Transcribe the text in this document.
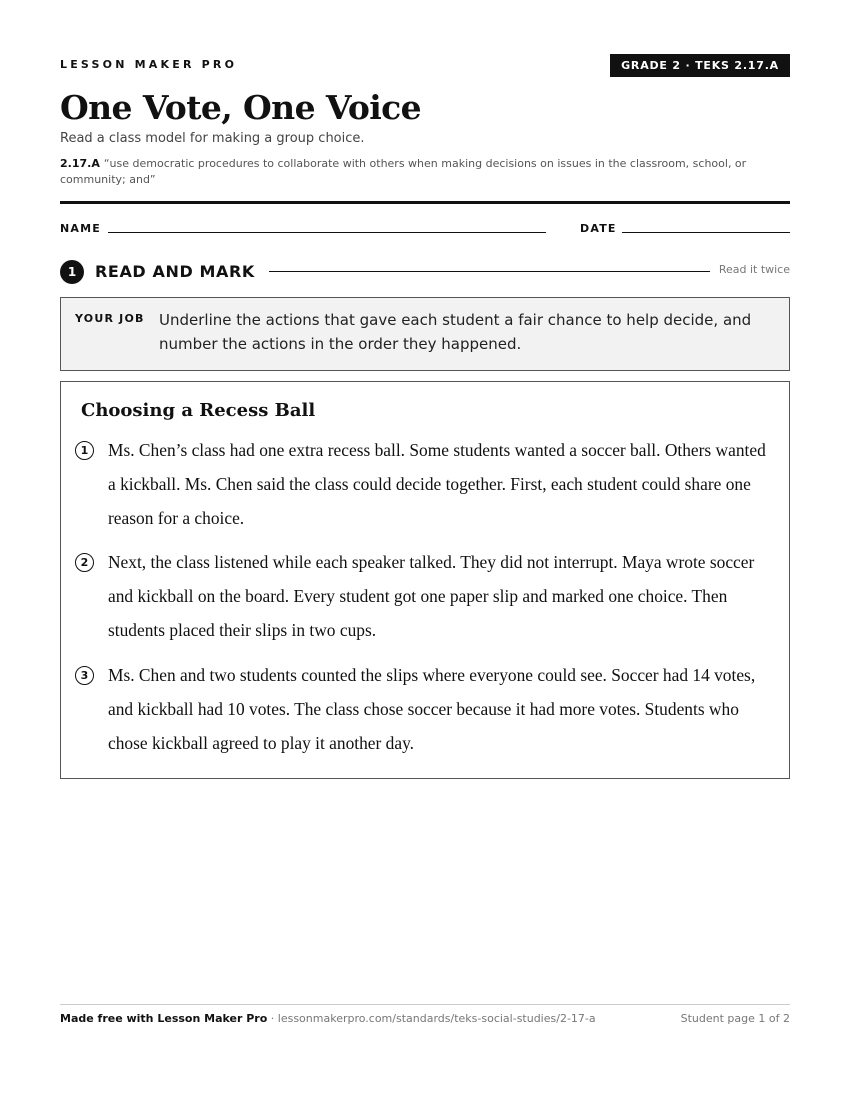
LESSON MAKER PRO	GRADE 2 · TEKS 2.17.A
One Vote, One Voice
Read a class model for making a group choice.
2.17.A “use democratic procedures to collaborate with others when making decisions on issues in the classroom, school, or community; and”
NAME	DATE
1	READ AND MARK	Read it twice
YOUR JOB Underline the actions that gave each student a fair chance to help decide, and number the actions in the order they happened.
Choosing a Recess Ball
1	Ms. Chen’s class had one extra recess ball. Some students wanted a soccer ball. Others wanted a kickball. Ms. Chen said the class could decide together. First, each student could share one reason for a choice.
2	Next, the class listened while each speaker talked. They did not interrupt. Maya wrote soccer and kickball on the board. Every student got one paper slip and marked one choice. Then students placed their slips in two cups.
3	Ms. Chen and two students counted the slips where everyone could see. Soccer had 14 votes, and kickball had 10 votes. The class chose soccer because it had more votes. Students who chose kickball agreed to play it another day.
Made free with Lesson Maker Pro · lessonmakerpro.com/standards/teks-social-studies/2-17-a	Student page 1 of 2
